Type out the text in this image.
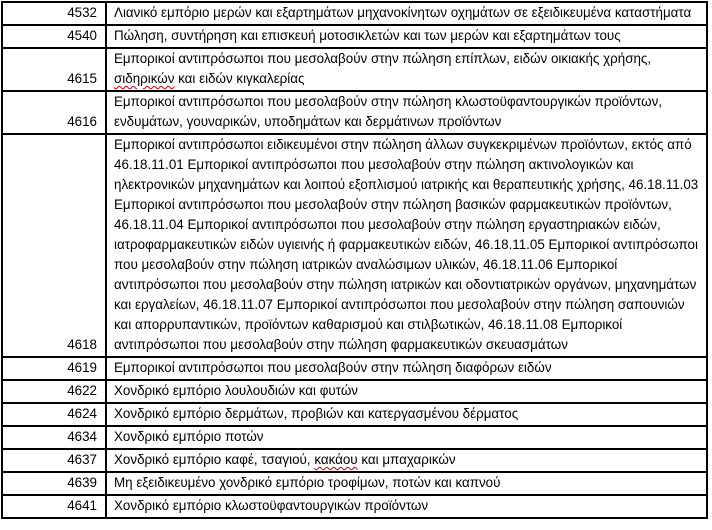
4532	Λιανικό εμπόριο μερών και εξαρτημάτων μηχανοκίνητων οχημάτων σε εξειδικευμένα καταστήματα
4540	Πώληση, συντήρηση και επισκευή μοτοσικλετών και των μερών και εξαρτημάτων τους
4615	Εμπορικοί αντιπρόσωποι που μεσολαβούν στην πώληση επίπλων, ειδών οικιακής χρήσης, σιδηρικών και ειδών κιγκαλερίας
4616	Εμπορικοί αντιπρόσωποι που μεσολαβούν στην πώληση κλωστοϋφαντουργικών προϊόντων, ενδυμάτων, γουναρικών, υποδημάτων και δερμάτινων προϊόντων
4618	Εμπορικοί αντιπρόσωποι ειδικευμένοι στην πώληση άλλων συγκεκριμένων προϊόντων, εκτός από 46.18.11.01 Εμπορικοί αντιπρόσωποι που μεσολαβούν στην πώληση ακτινολογικών και ηλεκτρονικών μηχανημάτων και λοιπού εξοπλισμού ιατρικής και θεραπευτικής χρήσης, 46.18.11.03 Εμπορικοί αντιπρόσωποι που μεσολαβούν στην πώληση βασικών φαρμακευτικών προϊόντων, 46.18.11.04 Εμπορικοί αντιπρόσωποι που μεσολαβούν στην πώληση εργαστηριακών ειδών, ιατροφαρμακευτικών ειδών υγιεινής ή φαρμακευτικών ειδών, 46.18.11.05 Εμπορικοί αντιπρόσωποι που μεσολαβούν στην πώληση ιατρικών αναλώσιμων υλικών, 46.18.11.06 Εμπορικοί αντιπρόσωποι που μεσολαβούν στην πώληση ιατρικών και οδοντιατρικών οργάνων, μηχανημάτων και εργαλείων, 46.18.11.07 Εμπορικοί αντιπρόσωποι που μεσολαβούν στην πώληση σαπουνιών και απορρυπαντικών, προϊόντων καθαρισμού και στιλβωτικών, 46.18.11.08 Εμπορικοί αντιπρόσωποι που μεσολαβούν στην πώληση φαρμακευτικών σκευασμάτων
4619	Εμπορικοί αντιπρόσωποι που μεσολαβούν στην πώληση διαφόρων ειδών
4622	Χονδρικό εμπόριο λουλουδιών και φυτών
4624	Χονδρικό εμπόριο δερμάτων, προβιών και κατεργασμένου δέρματος
4634	Χονδρικό εμπόριο ποτών
4637	Χονδρικό εμπόριο καφέ, τσαγιού, κακάου και μπαχαρικών
4639	Μη εξειδικευμένο χονδρικό εμπόριο τροφίμων, ποτών και καπνού
4641	Χονδρικό εμπόριο κλωστοϋφαντουργικών προϊόντων
